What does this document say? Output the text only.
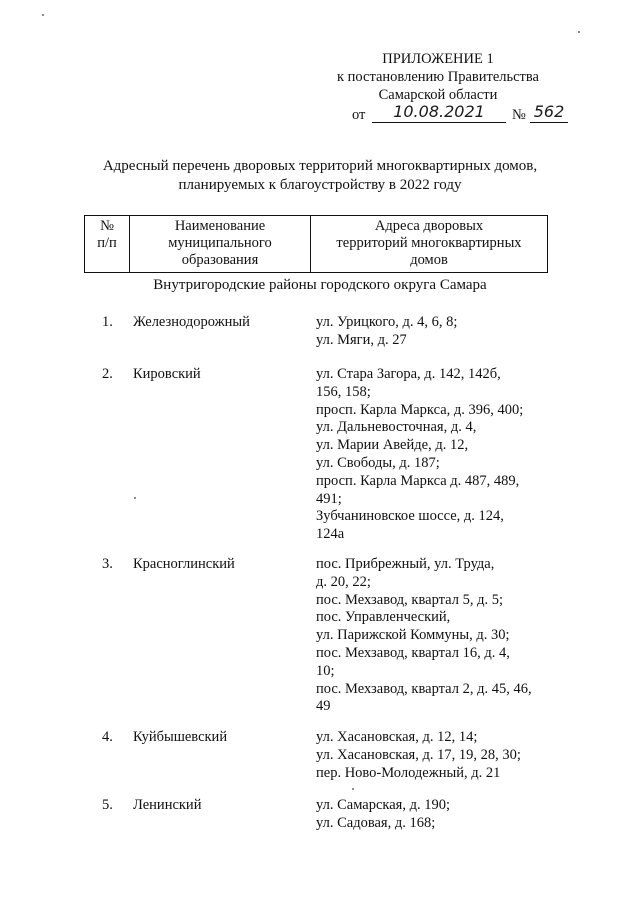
ПРИЛОЖЕНИЕ 1
к постановлению Правительства
Самарской области
от	10.08.2021	№ 562
Адресный перечень дворовых территорий многоквартирных домов,
планируемых к благоустройству в 2022 году
№
п/п

Наименование
муниципального
образования

Адреса дворовых
территорий многоквартирных
домов
Внутригородские районы городского округа Самара
1. Железнодорожный	ул. Урицкого, д. 4, 6, 8;
ул. Мяги, д. 27
2. Кировский	ул. Стара Загора, д. 142, 142б,
156, 158;
просп. Карла Маркса, д. 396, 400;
ул. Дальневосточная, д. 4,
ул. Марии Авейде, д. 12,
ул. Свободы, д. 187;
просп. Карла Маркса д. 487, 489,
491;
Зубчаниновское шоссе, д. 124,
124а
3. Красноглинский	пос. Прибрежный, ул. Труда,
д. 20, 22;
пос. Мехзавод, квартал 5, д. 5;
пос. Управленческий,
ул. Парижской Коммуны, д. 30;
пос. Мехзавод, квартал 16, д. 4,
10;
пос. Мехзавод, квартал 2, д. 45, 46,
49
4. Куйбышевский	ул. Хасановская, д. 12, 14;
ул. Хасановская, д. 17, 19, 28, 30;
пер. Ново-Молодежный, д. 21
5. Ленинский	ул. Самарская, д. 190;
ул. Садовая, д. 168;
